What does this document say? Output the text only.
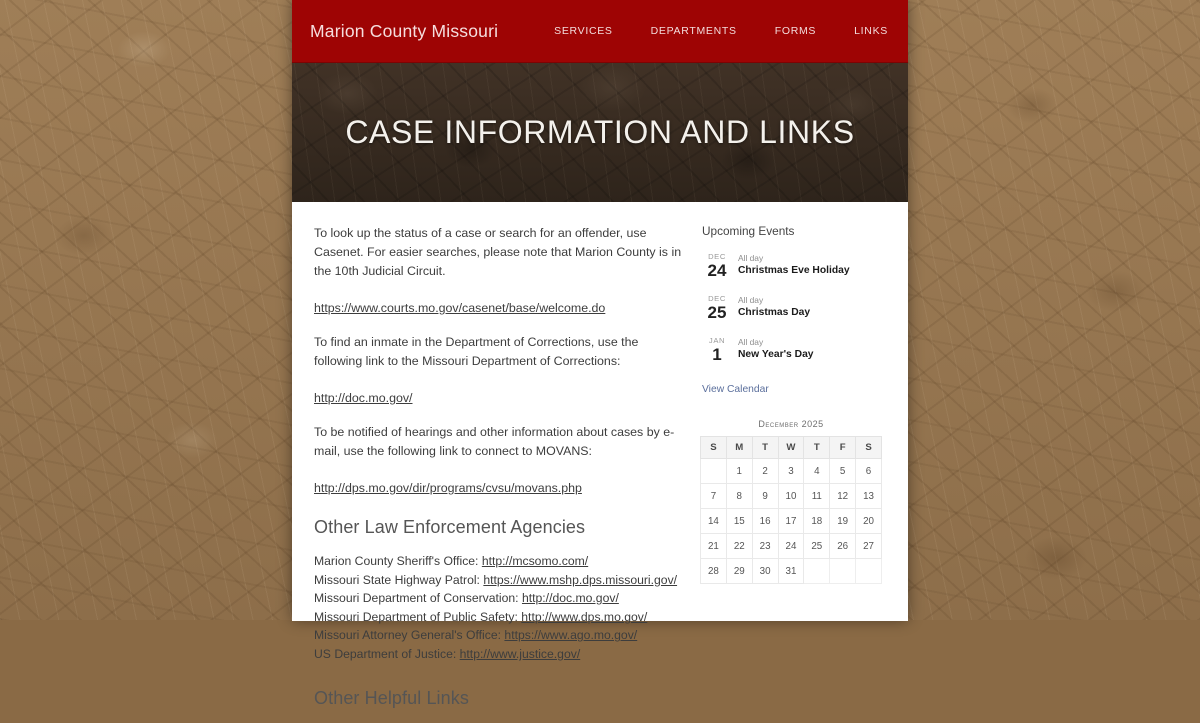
Marion County Missouri	SERVICES	DEPARTMENTS	FORMS	LINKS
CASE INFORMATION AND LINKS

To look up the status of a case or search for an offender, use Casenet. For easier searches, please note that Marion County is in the 10th Judicial Circuit.

https://www.courts.mo.gov/casenet/base/welcome.do

To find an inmate in the Department of Corrections, use the following link to the Missouri Department of Corrections:

http://doc.mo.gov/

To be notified of hearings and other information about cases by e-mail, use the following link to connect to MOVANS:

http://dps.mo.gov/dir/programs/cvsu/movans.php
Other Law Enforcement Agencies
Marion County Sheriff's Office: http://mcsomo.com/
Missouri State Highway Patrol: https://www.mshp.dps.missouri.gov/
Missouri Department of Conservation: http://doc.mo.gov/
Missouri Department of Public Safety: http://www.dps.mo.gov/
Missouri Attorney General's Office: https://www.ago.mo.gov/
US Department of Justice: http://www.justice.gov/
Other Helpful Links
Upcoming Events
DEC
24
All day
Christmas Eve Holiday
DEC
25
All day
Christmas Day
JAN
1
All day
New Year's Day
View Calendar
December 2025
S	M	T	W	T	F	S
	1	2	3	4	5	6
7	8	9	10	11	12	13
14	15	16	17	18	19	20
21	22	23	24	25	26	27
28	29	30	31			
